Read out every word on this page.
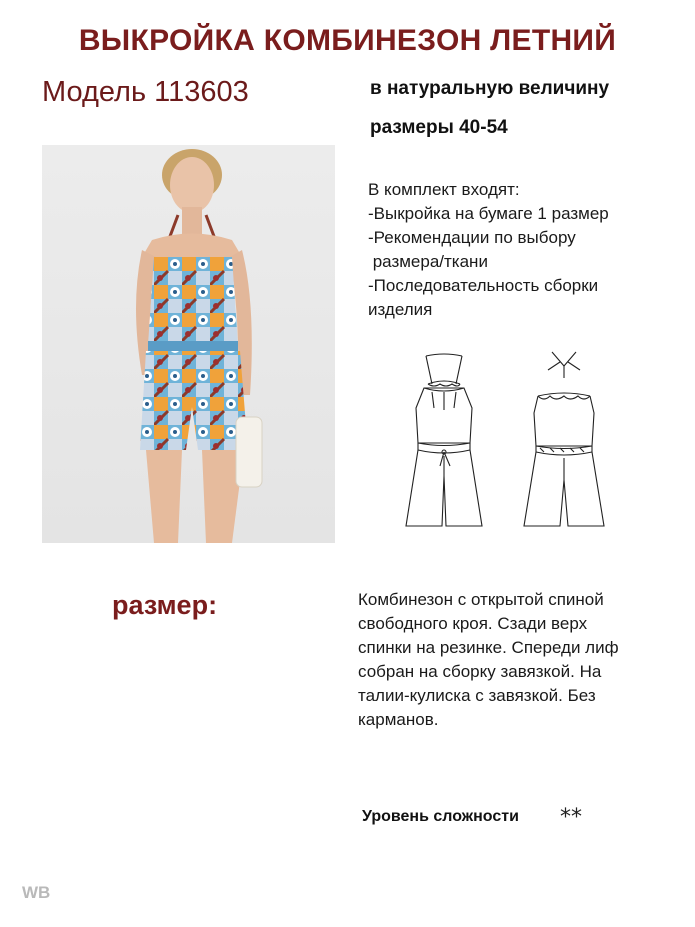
ВЫКРОЙКА КОМБИНЕЗОН ЛЕТНИЙ
Модель 113603	в натуральную величину
размеры 40-54
В комплект входят:
-Выкройка на бумаге 1 размер
-Рекомендации по выбору
размера/ткани
-Последовательность сборки
изделия
размер:	Комбинезон с открытой спиной
свободного кроя. Сзади верх
спинки на резинке. Спереди лиф
собран на сборку завязкой. На
талии-кулиска с завязкой. Без
карманов.
Уровень сложности **
WB
